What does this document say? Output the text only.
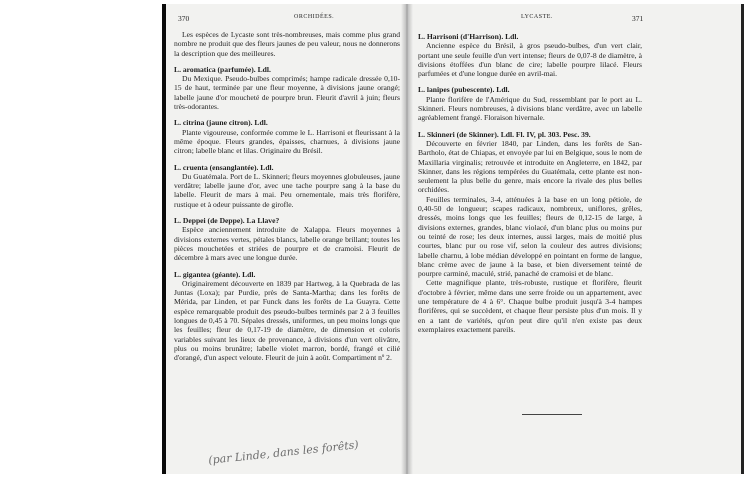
370	ORCHIDÉES.	LYCASTE.	371

Les espèces de Lycaste sont très-nombreuses, mais comme plus grand nombre ne produit que des fleurs jaunes de peu valeur, nous ne donnerons la description que des meilleures.

L. aromatica (parfumée). Ldl.

Du Mexique. Pseudo-bulbes comprimés; hampe radicale dressée 0,10-15 de haut, terminée par une fleur moyenne, à divisions jaune orangé; labelle jaune d'or moucheté de pourpre brun. Fleurit d'avril à juin; fleurs très-odorantes.

L. citrina (jaune citron). Ldl.

Plante vigoureuse, conformée comme le L. Harrisoni et fleurissant à la même époque. Fleurs grandes, épaisses, charnues, à divisions jaune citron; labelle blanc et lilas. Originaire du Brésil.

L. cruenta (ensanglantée). Ldl.

Du Guatémala. Port de L. Skinneri; fleurs moyennes globuleuses, jaune verdâtre; labelle jaune d'or, avec une tache pourpre sang à la base du labelle. Fleurit de mars à mai. Peu ornementale, mais très florifère, rustique et à odeur puissante de girofle.

L. Deppei (de Deppe). La Llave?

Espèce anciennement introduite de Xalappa. Fleurs moyennes à divisions externes vertes, pétales blancs, labelle orange brillant; toutes les pièces mouchetées et striées de pourpre et de cramoisi. Fleurit de décembre à mars avec une longue durée.

L. gigantea (géante). Ldl.

Originairement découverte en 1839 par Hartweg, à la Quebrada de las Juntas (Loxa); par Purdie, près de Santa-Martha; dans les forêts de Mérida, par Linden, et par Funck dans les forêts de La Guayra. Cette espèce remarquable produit des pseudo-bulbes terminés par 2 à 3 feuilles longues de 0,45 à 70. Sépales dressés, uniformes, un peu moins longs que les feuilles; fleur de 0,17-19 de diamètre, de dimension et coloris variables suivant les lieux de provenance, à divisions d'un vert olivâtre, plus ou moins brunâtre; labelle violet marron, bordé, frangé et cilié d'orangé, d'un aspect veloute. Fleurit de juin à août. Compartiment nº 2.

L. Harrisoni (d'Harrison). Ldl.

Ancienne espèce du Brésil, à gros pseudo-bulbes, d'un vert clair, portant une seule feuille d'un vert intense; fleurs de 0,07-8 de diamètre, à divisions étoffées d'un blanc de cire; labelle pourpre lilacé. Fleurs parfumées et d'une longue durée en avril-mai.

L. lanipes (pubescente). Ldl.

Plante florifère de l'Amérique du Sud, ressemblant par le port au L. Skinneri. Fleurs nombreuses, à divisions blanc verdâtre, avec un labelle agréablement frangé. Floraison hivernale.

L. Skinneri (de Skinner). Ldl. Fl. IV, pl. 303. Pesc. 39.

Découverte en février 1840, par Linden, dans les forêts de San-Bartholo, état de Chiapas, et envoyée par lui en Belgique, sous le nom de Maxillaria virginalis; retrouvée et introduite en Angleterre, en 1842, par Skinner, dans les régions tempérées du Guatémala, cette plante est non-seulement la plus belle du genre, mais encore la rivale des plus belles orchidées.

Feuilles terminales, 3-4, atténuées à la base en un long pétiole, de 0,40-50 de longueur; scapes radicaux, nombreux, uniflores, grêles, dressés, moins longs que les feuilles; fleurs de 0,12-15 de large, à divisions externes, grandes, blanc violacé, d'un blanc plus ou moins pur ou teinté de rose; les deux internes, aussi larges, mais de moitié plus courtes, blanc pur ou rose vif, selon la couleur des autres divisions; labelle charnu, à lobe médian développé en pointant en forme de langue, blanc crème avec de jaune à la base, et bien diversement teinté de pourpre carminé, maculé, strié, panaché de cramoisi et de blanc.

Cette magnifique plante, très-robuste, rustique et florifère, fleurit d'octobre à février, même dans une serre froide ou un appartement, avec une température de 4 à 6°. Chaque bulbe produit jusqu'à 3-4 hampes florifères, qui se succèdent, et chaque fleur persiste plus d'un mois. Il y en a tant de variétés, qu'on peut dire qu'il n'en existe pas deux exemplaires exactement pareils.

(par Linde, dans les forêts)
